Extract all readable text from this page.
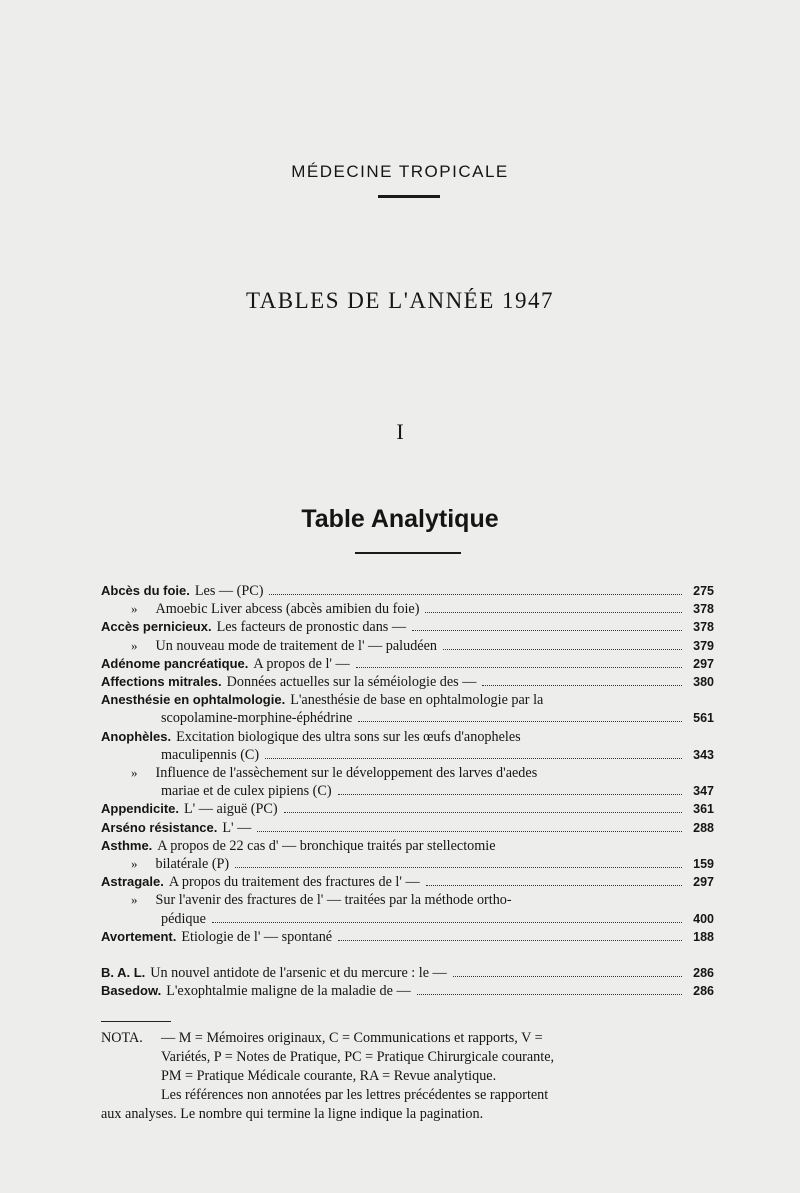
MÉDECINE TROPICALE
TABLES DE L'ANNÉE 1947
I
Table Analytique
Abcès du foie. Les — (PC)	275
» Amoebic Liver abcess (abcès amibien du foie)	378
Accès pernicieux. Les facteurs de pronostic dans —	378
» Un nouveau mode de traitement de l' — paludéen	379
Adénome pancréatique. A propos de l' —	297
Affections mitrales. Données actuelles sur la séméiologie des —	380
Anesthésie en ophtalmologie. L'anesthésie de base en ophtalmologie par la
scopolamine-morphine-éphédrine	561
Anophèles. Excitation biologique des ultra sons sur les œufs d'anopheles
maculipennis (C)	343
» Influence de l'assèchement sur le développement des larves d'aedes
mariae et de culex pipiens (C)	347
Appendicite. L' — aiguë (PC)	361
Arséno résistance. L' —	288
Asthme. A propos de 22 cas d' — bronchique traités par stellectomie
» bilatérale (P)	159
Astragale. A propos du traitement des fractures de l' —	297
» Sur l'avenir des fractures de l' — traitées par la méthode ortho-
pédique	400
Avortement. Etiologie de l' — spontané	188
B. A. L. Un nouvel antidote de l'arsenic et du mercure : le —	286
Basedow. L'exophtalmie maligne de la maladie de —	286
NOTA. — M = Mémoires originaux, C = Communications et rapports, V =
Variétés, P = Notes de Pratique, PC = Pratique Chirurgicale courante,
PM = Pratique Médicale courante, RA = Revue analytique.
Les références non annotées par les lettres précédentes se rapportent
aux analyses. Le nombre qui termine la ligne indique la pagination.
